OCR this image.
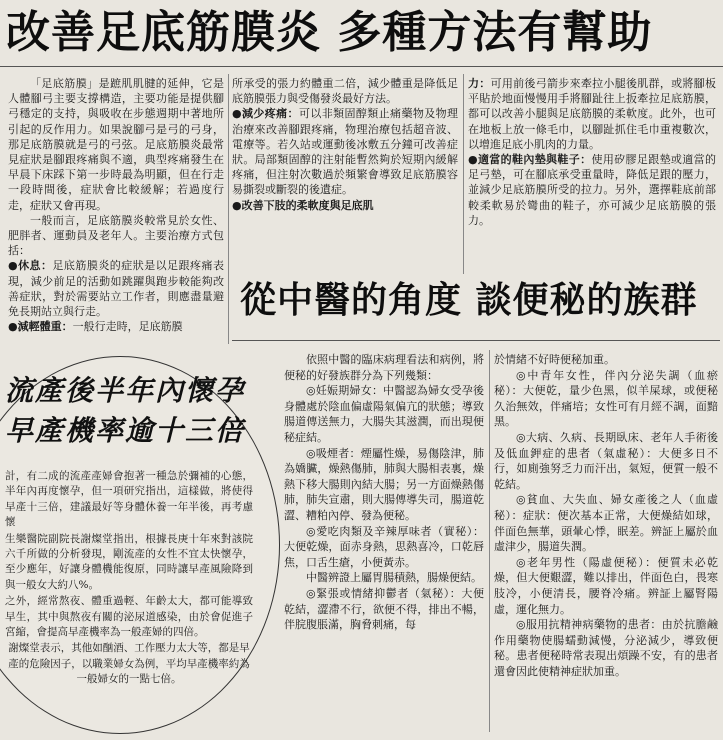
改善足底筋膜炎 多種方法有幫助

「足底筋膜」是蹠肌肌腱的延伸，它是人體腳弓主要支撐構造，主要功能是提供腳弓穩定的支持，與吸收在步態週期中著地所引起的反作用力。如果說腳弓是弓的弓身，那足底筋膜就是弓的弓弦。足底筋膜炎最常見症狀是腳跟疼痛與不適，典型疼痛發生在早晨下床踩下第一步時最為明顯，但在行走一段時間後，症狀會比較緩解；若過度行走，症狀又會再現。

一般而言，足底筋膜炎較常見於女性、肥胖者、運動員及老年人。主要治療方式包括：

●休息：足底筋膜炎的症狀是以足跟疼痛表現，減少前足的活動如跳躍與跑步較能夠改善症狀，對於需要站立工作者，則應盡量避免長期站立與行走。

●減輕體重：一般行走時，足底筋膜

所承受的張力約體重二倍，減少體重是降低足底筋膜張力與受傷發炎最好方法。

●減少疼痛：可以非類固醇類止痛藥物及物理治療來改善腳跟疼痛，物理治療包括超音波、電療等。若久站或運動後冰敷五分鐘可改善症狀。局部類固醇的注射能暫然夠於短期內緩解疼痛，但注射次數過於頻繁會導致足底筋膜容易撕裂或斷裂的後遺症。

●改善下肢的柔軟度與足底肌

力：可用前後弓箭步來牽拉小腿後肌群，或將腳板平貼於地面慢慢用手將腳趾往上扳牽拉足底筋膜，都可以改善小腿與足底筋膜的柔軟度。此外，也可在地板上放一條毛巾，以腳趾抓住毛巾重複數次，以增進足底小肌肉的力量。

●適當的鞋內墊與鞋子：使用矽膠足跟墊或適當的足弓墊，可在腳底承受重量時，降低足跟的壓力，並減少足底筋膜所受的拉力。另外，選擇鞋底前部較柔軟易於彎曲的鞋子，亦可減少足底筋膜的張力。

從中醫的角度 談便秘的族群

依照中醫的臨床病理看法和病例，將便秘的好發族群分為下列幾類：

◎妊娠期婦女：中醫認為婦女受孕後身體處於陰血偏虛陽氣偏亢的狀態；導致腸道傳送無力，大腸失其滋潤，而出現便秘症結。

◎吸煙者：煙屬性燥，易傷陰津，肺為嬌臟，燥熱傷肺，肺與大腸相表裏，燥熱下移大腸則內結大腸；另一方面燥熱傷肺，肺失宣肅，則大腸傳導失司，腸道乾澀、糟粕內停、發為便秘。

◎愛吃肉類及辛辣厚味者（實秘）：大便乾燥，面赤身熱，思熱喜冷，口乾唇焦，口舌生瘡，小便黃赤。

中醫辨證上屬胃腸積熱，腸燥便結。

◎緊張或情緒抑鬱者（氣秘）：大便乾結，澀滯不行，欲便不得，排出不暢，伴脘腹脹滿，胸脅刺痛，每

於情緒不好時便秘加重。

◎中青年女性，伴內分泌失調（血瘀秘）：大便乾，量少色黑，似羊屎球，或便秘久治無效，伴痛培；女性可有月經不調，面黯黑。

◎大病、久病、長期臥床、老年人手術後及低血鉀症的患者（氣虛秘）：大便多日不行，如廁強努乏力而汗出，氣短，便質一般不乾結。

◎貧血、大失血、婦女產後之人（血虛秘）：症狀：便次基本正常，大便燥結如球，伴面色無華，頭暈心悸，眠差。辨証上屬於血虛津少，腸道失潤。

◎老年男性（陽虛便秘）：便質未必乾燥，但大便艱澀，難以排出，伴面色白，畏寒肢冷，小便清長，腰脊冷痛。辨証上屬腎陽虛，運化無力。

◎服用抗精神病藥物的患者：由於抗膽鹼作用藥物使腸蠕動減慢，分泌減少，導致便秘。患者便秘時常表現出煩躁不安，有的患者還會因此使精神症狀加重。

流產後半年內懷孕
早產機率逾十三倍

計，有二成的流產產婦會抱著一種急於彌補的心態，半年內再度懷孕，但一項研究指出，這樣做，將使得早產十三倍，建議最好等身體休養一年半後，再考慮懷

生樂醫院副院長謝燦堂指出，根據長庚十年來對該院六千所做的分析發現，剛流產的女性不宜太快懷孕，至少應年，好讓身體機能復原，同時讓早產風險降到與一般女大約八%。

之外，經常熬夜、體重過輕、年齡太大，都可能導致早生，其中與熬夜有關的泌尿道感染，由於會促進子宮縮，會提高早產機率為一般產婦的四倍。

謝燦堂表示，其他如酗酒、工作壓力太大等，都是早產的危險因子，以職業婦女為例，平均早產機率約為一般婦女的一點七倍。
